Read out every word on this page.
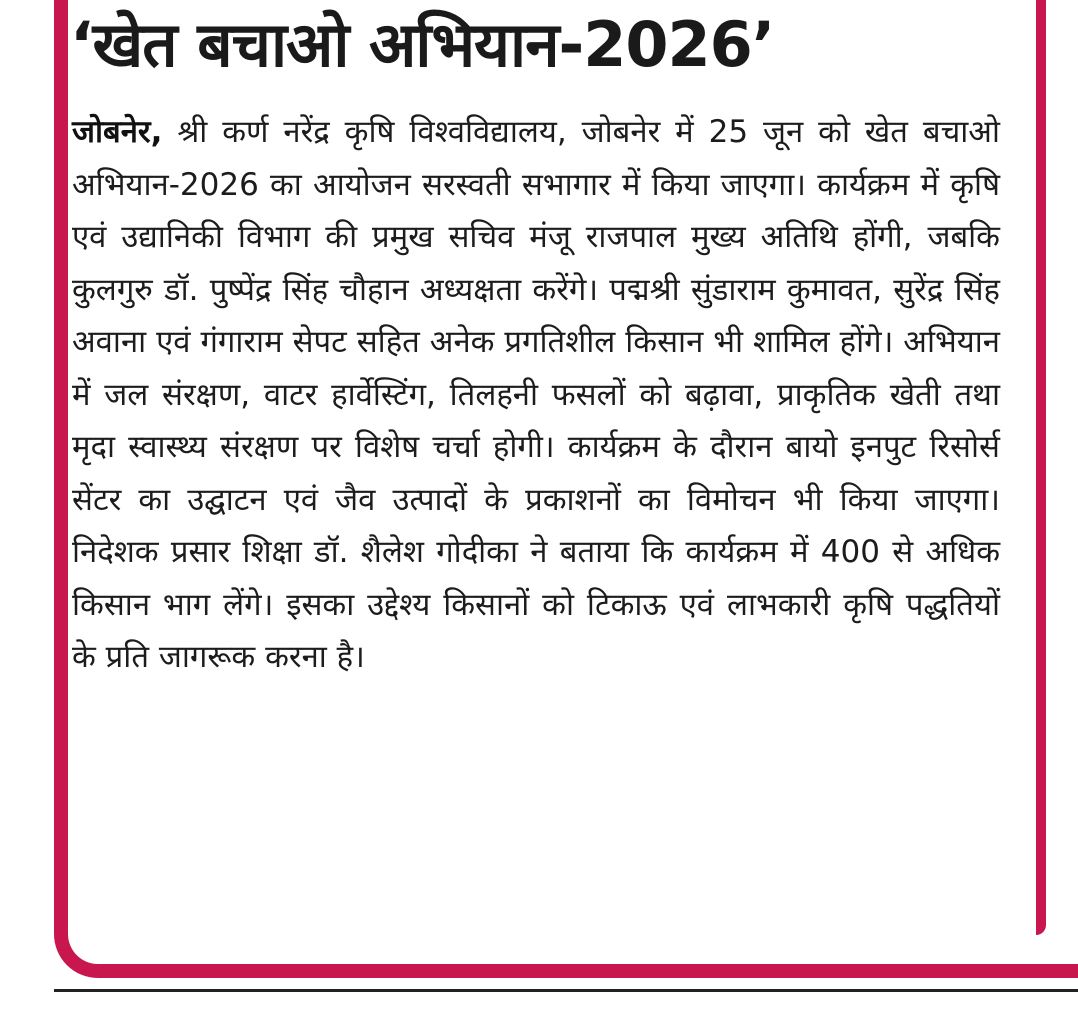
‘खेत बचाओ अभियान-2026’

जोबनेर, श्री कर्ण नरेंद्र कृषि विश्वविद्यालय, जोबनेर में 25 जून को खेत बचाओ अभियान-2026 का आयोजन सरस्वती सभागार में किया जाएगा। कार्यक्रम में कृषि एवं उद्यानिकी विभाग की प्रमुख सचिव मंजू राजपाल मुख्य अतिथि होंगी, जबकि कुलगुरु डॉ. पुष्पेंद्र सिंह चौहान अध्यक्षता करेंगे। पद्मश्री सुंडाराम कुमावत, सुरेंद्र सिंह अवाना एवं गंगाराम सेपट सहित अनेक प्रगतिशील किसान भी शामिल होंगे। अभियान में जल संरक्षण, वाटर हार्वेस्टिंग, तिलहनी फसलों को बढ़ावा, प्राकृतिक खेती तथा मृदा स्वास्थ्य संरक्षण पर विशेष चर्चा होगी। कार्यक्रम के दौरान बायो इनपुट रिसोर्स सेंटर का उद्घाटन एवं जैव उत्पादों के प्रकाशनों का विमोचन भी किया जाएगा। निदेशक प्रसार शिक्षा डॉ. शैलेश गोदीका ने बताया कि कार्यक्रम में 400 से अधिक किसान भाग लेंगे। इसका उद्देश्य किसानों को टिकाऊ एवं लाभकारी कृषि पद्धतियों के प्रति जागरूक करना है।
